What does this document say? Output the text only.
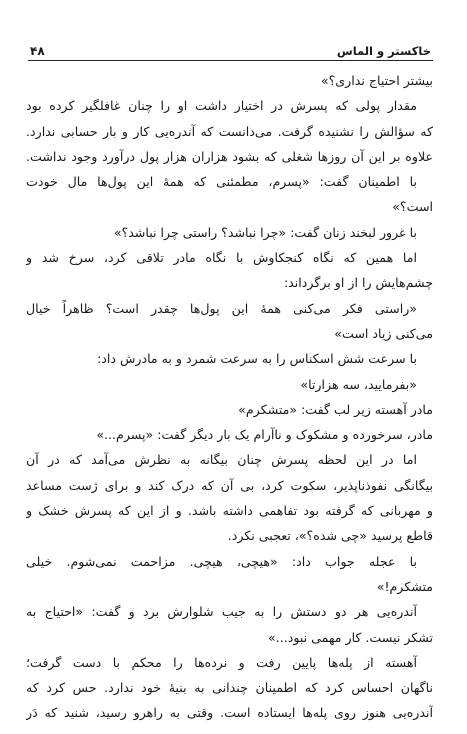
خاکستر و الماس
۴۸
بیشتر احتیاج نداری؟»
مقدار پولی که پسرش در اختیار داشت او را چنان غافلگیر کرده بود
که سؤالش را نشنیده گرفت. می‌دانست که آندره‌یی کار و بار حسابی ندارد.
علاوه بر این آن روزها شغلی که بشود هزاران هزار پول درآورد وجود نداشت.
با اطمینان گفت: «پسرم، مطمئنی که همهٔ این پول‌ها مال خودت
است؟»
با غرور لبخند زنان گفت: «چرا نباشد؟ راستی چرا نباشد؟»
اما همین که نگاه کنجکاوش با نگاه مادر تلاقی کرد، سرخ شد و
چشم‌هایش را از او برگرداند:
«راستی فکر می‌کنی همهٔ این پول‌ها چقدر است؟ ظاهراً خیال
می‌کنی زیاد است»
با سرعت شش اسکناس را به سرعت شمرد و به مادرش داد:
«بفرمایید، سه هزارتا»
مادر آهسته زیر لب گفت: «متشکرم»
مادر، سرخورده و مشکوک و ناآرام یک بار دیگر گفت: «پسرم...»
اما در این لحظه پسرش چنان بیگانه به نظرش می‌آمد که در آن
بیگانگی نفوذناپذیر، سکوت کرد، بی آن که درک کند و برای ژست مساعد
و مهربانی که گرفته بود تفاهمی داشته باشد. و از این که پسرش خشک و
قاطع پرسید «چی شده؟»، تعجبی نکرد.
با عجله جواب داد: «هیچی، هیچی. مزاحمت نمی‌شوم. خیلی
متشکرم!»
آندره‌یی هر دو دستش را به جیب شلوارش برد و گفت: «احتیاج به
تشکر نیست. کار مهمی نبود...»
آهسته از پله‌ها پایین رفت و نرده‌ها را محکم با دست گرفت؛
ناگهان احساس کرد که اطمینان چندانی به بنیهٔ خود ندارد. حس کرد که
آندره‌یی هنوز روی پله‌ها ایستاده است. وقتی به راهرو رسید، شنید که دَر
